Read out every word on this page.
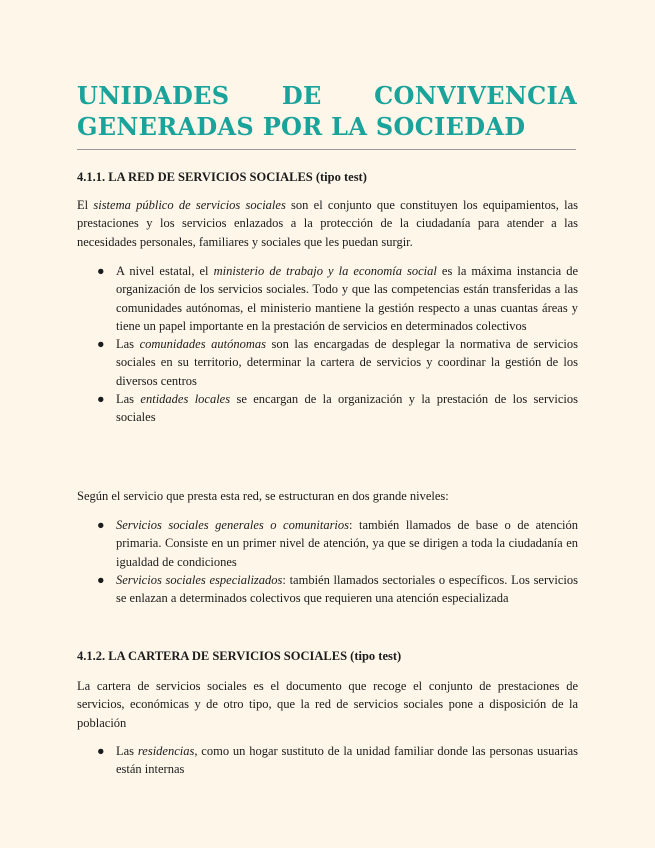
UNIDADES DE CONVIVENCIA
GENERADAS POR LA SOCIEDAD
4.1.1. LA RED DE SERVICIOS SOCIALES (tipo test)
El sistema público de servicios sociales son el conjunto que constituyen los equipamientos, las prestaciones y los servicios enlazados a la protección de la ciudadanía para atender a las necesidades personales, familiares y sociales que les puedan surgir.
● A nivel estatal, el ministerio de trabajo y la economía social es la máxima instancia de organización de los servicios sociales. Todo y que las competencias están transferidas a las comunidades autónomas, el ministerio mantiene la gestión respecto a unas cuantas áreas y tiene un papel importante en la prestación de servicios en determinados colectivos
● Las comunidades autónomas son las encargadas de desplegar la normativa de servicios sociales en su territorio, determinar la cartera de servicios y coordinar la gestión de los diversos centros
● Las entidades locales se encargan de la organización y la prestación de los servicios sociales
Según el servicio que presta esta red, se estructuran en dos grande niveles:
● Servicios sociales generales o comunitarios: también llamados de base o de atención primaria. Consiste en un primer nivel de atención, ya que se dirigen a toda la ciudadanía en igualdad de condiciones
● Servicios sociales especializados: también llamados sectoriales o específicos. Los servicios se enlazan a determinados colectivos que requieren una atención especializada
4.1.2. LA CARTERA DE SERVICIOS SOCIALES (tipo test)
La cartera de servicios sociales es el documento que recoge el conjunto de prestaciones de servicios, económicas y de otro tipo, que la red de servicios sociales pone a disposición de la población
● Las residencias, como un hogar sustituto de la unidad familiar donde las personas usuarias están internas
